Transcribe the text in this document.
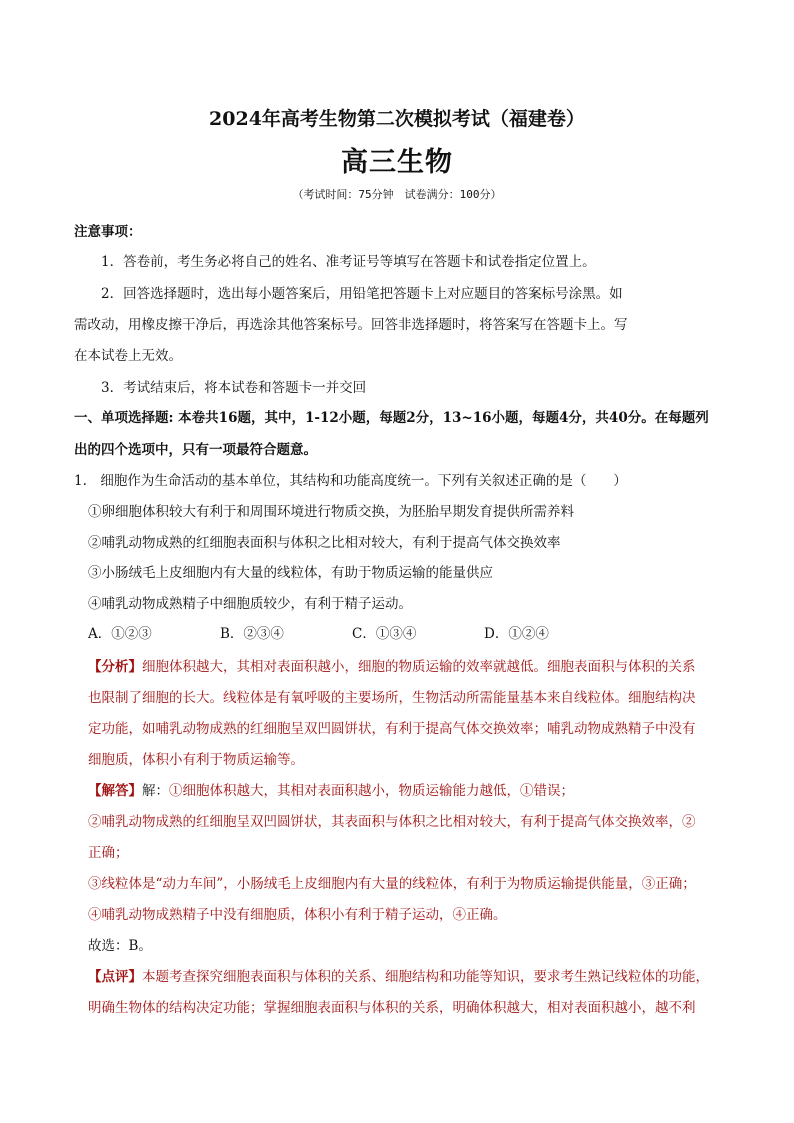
2024年高考生物第二次模拟考试（福建卷）
高三生物
（考试时间：75分钟　试卷满分：100分）
注意事项：
1．答卷前，考生务必将自己的姓名、准考证号等填写在答题卡和试卷指定位置上。
2．回答选择题时，选出每小题答案后，用铅笔把答题卡上对应题目的答案标号涂黑。如
需改动，用橡皮擦干净后，再选涂其他答案标号。回答非选择题时，将答案写在答题卡上。写
在本试卷上无效。
3．考试结束后，将本试卷和答题卡一并交回
一、单项选择题: 本卷共16题，其中，1-12小题，每题2分，13~16小题，每题4分，共40分。在每题列
出的四个选项中，只有一项最符合题意。
1.　细胞作为生命活动的基本单位，其结构和功能高度统一。下列有关叙述正确的是（　　）
①卵细胞体积较大有利于和周围环境进行物质交换，为胚胎早期发育提供所需养料
②哺乳动物成熟的红细胞表面积与体积之比相对较大，有利于提高气体交换效率
③小肠绒毛上皮细胞内有大量的线粒体，有助于物质运输的能量供应
④哺乳动物成熟精子中细胞质较少，有利于精子运动。
A．①②③	B．②③④	C．①③④	D．①②④
【分析】细胞体积越大，其相对表面积越小，细胞的物质运输的效率就越低。细胞表面积与体积的关系
也限制了细胞的长大。线粒体是有氧呼吸的主要场所，生物活动所需能量基本来自线粒体。细胞结构决
定功能，如哺乳动物成熟的红细胞呈双凹圆饼状，有利于提高气体交换效率；哺乳动物成熟精子中没有
细胞质，体积小有利于物质运输等。
【解答】解：①细胞体积越大，其相对表面积越小，物质运输能力越低，①错误；
②哺乳动物成熟的红细胞呈双凹圆饼状，其表面积与体积之比相对较大，有利于提高气体交换效率，②
正确；
③线粒体是“动力车间”，小肠绒毛上皮细胞内有大量的线粒体，有利于为物质运输提供能量，③正确；
④哺乳动物成熟精子中没有细胞质，体积小有利于精子运动，④正确。
故选：B。
【点评】本题考查探究细胞表面积与体积的关系、细胞结构和功能等知识，要求考生熟记线粒体的功能，
明确生物体的结构决定功能；掌握细胞表面积与体积的关系，明确体积越大，相对表面积越小，越不利
